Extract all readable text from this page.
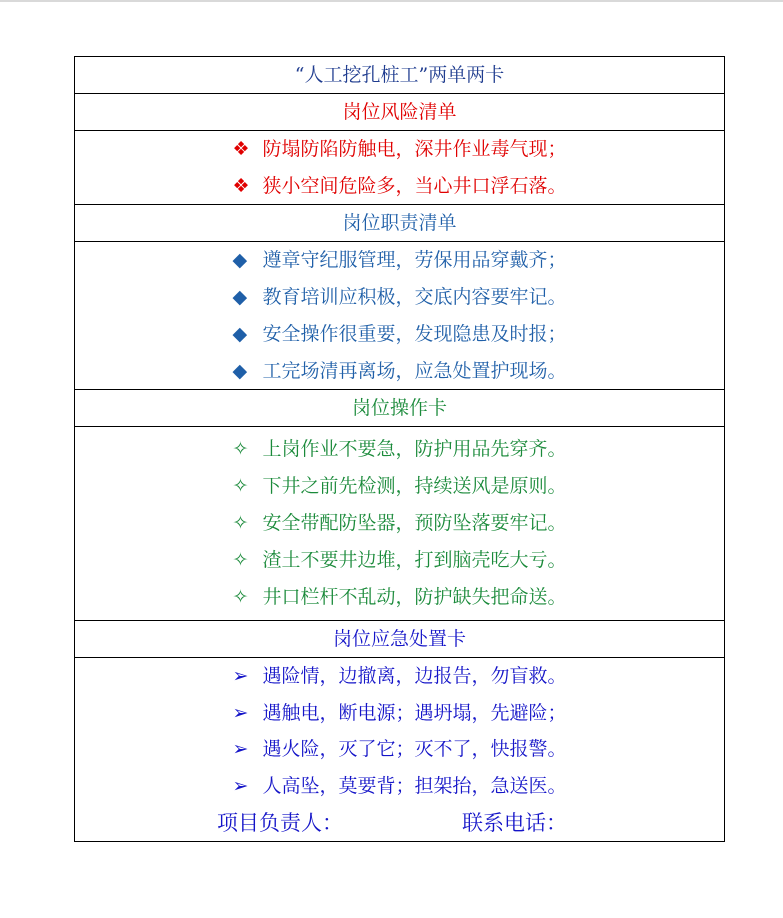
“人工挖孔桩工”两单两卡
岗位风险清单
❖ 防塌防陷防触电，深井作业毒气现；
❖ 狭小空间危险多，当心井口浮石落。
岗位职责清单
◆ 遵章守纪服管理，劳保用品穿戴齐；
◆ 教育培训应积极，交底内容要牢记。
◆ 安全操作很重要，发现隐患及时报；
◆ 工完场清再离场，应急处置护现场。
岗位操作卡
✧ 上岗作业不要急，防护用品先穿齐。
✧ 下井之前先检测，持续送风是原则。
✧ 安全带配防坠器，预防坠落要牢记。
✧ 渣土不要井边堆，打到脑壳吃大亏。
✧ 井口栏杆不乱动，防护缺失把命送。
岗位应急处置卡
➢ 遇险情，边撤离，边报告，勿盲救。
➢ 遇触电，断电源；遇坍塌，先避险；
➢ 遇火险，灭了它；灭不了，快报警。
➢ 人高坠，莫要背；担架抬，急送医。
项目负责人：	联系电话：
